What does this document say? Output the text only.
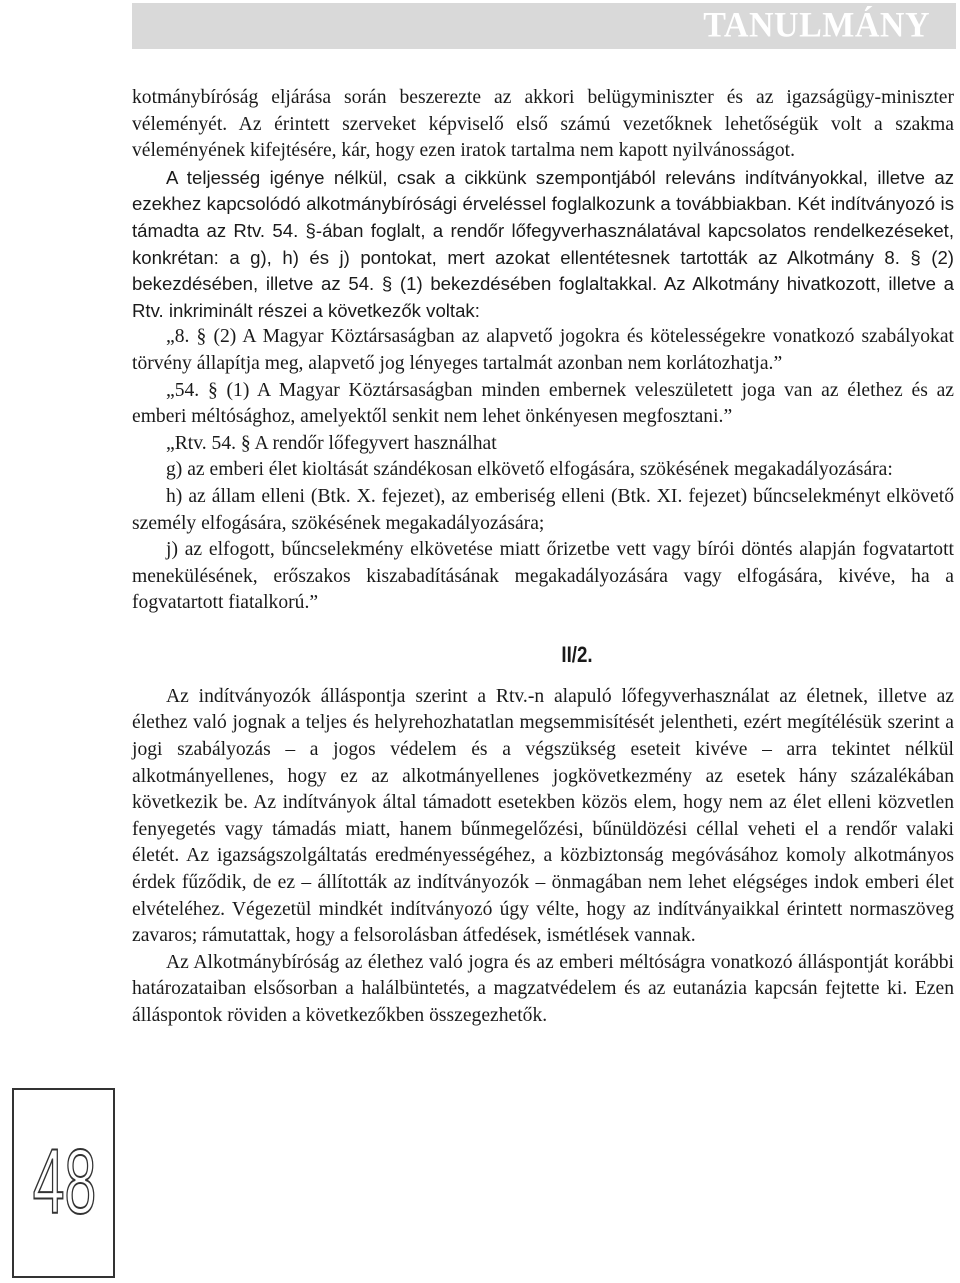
TANULMÁNY

kotmánybíróság eljárása során beszerezte az akkori belügyminiszter és az igazságügy-miniszter véleményét. Az érintett szerveket képviselő első számú vezetőknek lehetőségük volt a szakma véleményének kifejtésére, kár, hogy ezen iratok tartalma nem kapott nyilvánosságot.

A teljesség igénye nélkül, csak a cikkünk szempontjából releváns indítványokkal, illetve az ezekhez kapcsolódó alkotmánybírósági érveléssel foglalkozunk a továbbiakban. Két indítványozó is támadta az Rtv. 54. §-ában foglalt, a rendőr lőfegyverhasználatával kapcsolatos rendelkezéseket, konkrétan: a g), h) és j) pontokat, mert azokat ellentétesnek tartották az Alkotmány 8. § (2) bekezdésében, illetve az 54. § (1) bekezdésében foglaltakkal. Az Alkotmány hivatkozott, illetve a Rtv. inkriminált részei a következők voltak:

„8. § (2) A Magyar Köztársaságban az alapvető jogokra és kötelességekre vonatkozó szabályokat törvény állapítja meg, alapvető jog lényeges tartalmát azonban nem korlátozhatja.”

„54. § (1) A Magyar Köztársaságban minden embernek veleszületett joga van az élethez és az emberi méltósághoz, amelyektől senkit nem lehet önkényesen megfosztani.”

„Rtv. 54. § A rendőr lőfegyvert használhat

g) az emberi élet kioltását szándékosan elkövető elfogására, szökésének megakadályozására:

h) az állam elleni (Btk. X. fejezet), az emberiség elleni (Btk. XI. fejezet) bűncselekményt elkövető személy elfogására, szökésének megakadályozására;

j) az elfogott, bűncselekmény elkövetése miatt őrizetbe vett vagy bírói döntés alapján fogvatartott menekülésének, erőszakos kiszabadításának megakadályozására vagy elfogására, kivéve, ha a fogvatartott fiatalkorú.”

II/2.

Az indítványozók álláspontja szerint a Rtv.-n alapuló lőfegyverhasználat az életnek, illetve az élethez való jognak a teljes és helyrehozhatatlan megsemmisítését jelentheti, ezért megítélésük szerint a jogi szabályozás – a jogos védelem és a végszükség eseteit kivéve – arra tekintet nélkül alkotmányellenes, hogy ez az alkotmányellenes jogkövetkezmény az esetek hány százalékában következik be. Az indítványok által támadott esetekben közös elem, hogy nem az élet elleni közvetlen fenyegetés vagy támadás miatt, hanem bűnmegelőzési, bűnüldözési céllal veheti el a rendőr valaki életét. Az igazságszolgáltatás eredményességéhez, a közbiztonság megóvásához komoly alkotmányos érdek fűződik, de ez – állították az indítványozók – önmagában nem lehet elégséges indok emberi élet elvételéhez. Végezetül mindkét indítványozó úgy vélte, hogy az indítványaikkal érintett normaszöveg zavaros; rámutattak, hogy a felsorolásban átfedések, ismétlések vannak.

Az Alkotmánybíróság az élethez való jogra és az emberi méltóságra vonatkozó álláspontját korábbi határozataiban elsősorban a halálbüntetés, a magzatvédelem és az eutanázia kapcsán fejtette ki. Ezen álláspontok röviden a következőkben összegezhetők.

48
